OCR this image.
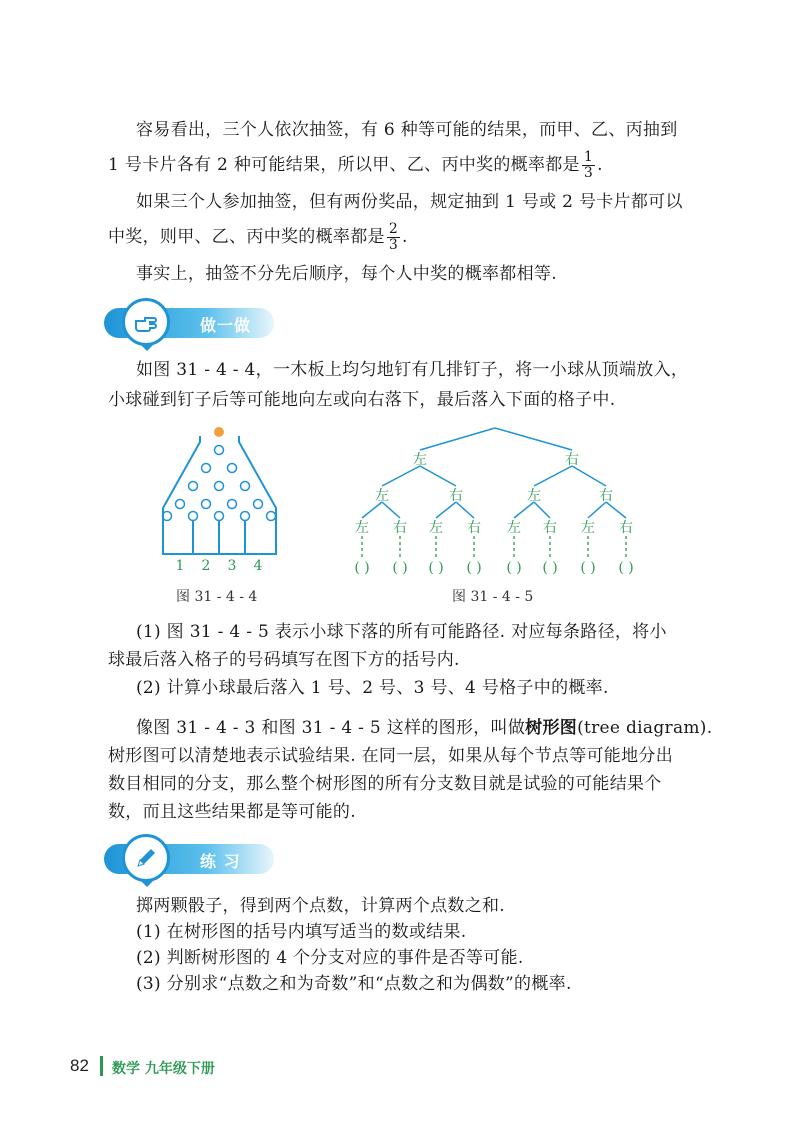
容易看出，三个人依次抽签，有 6 种等可能的结果，而甲、乙、丙抽到
1 号卡片各有 2 种可能结果，所以甲、乙、丙中奖的概率都是 $\frac{1}{3}$ .
如果三个人参加抽签，但有两份奖品，规定抽到 1 号或 2 号卡片都可以
中奖，则甲、乙、丙中奖的概率都是 $\frac{2}{3}$ .
事实上，抽签不分先后顺序，每个人中奖的概率都相等.
做一做
如图 31 - 4 - 4，一木板上均匀地钉有几排钉子，将一小球从顶端放入，
小球碰到钉子后等可能地向左或向右落下，最后落入下面的格子中.
1 2 3 4
图 31 - 4 - 4
左	右
左	右	左	右
左 右 左 右 左 右 左 右
( ) ( ) ( ) ( ) ( ) ( ) ( ) ( )
图 31 - 4 - 5
(1) 图 31 - 4 - 5 表示小球下落的所有可能路径. 对应每条路径，将小
球最后落入格子的号码填写在图下方的括号内.
(2) 计算小球最后落入 1 号、2 号、3 号、4 号格子中的概率.
像图 31 - 4 - 3 和图 31 - 4 - 5 这样的图形，叫做树形图(tree diagram).
树形图可以清楚地表示试验结果. 在同一层，如果从每个节点等可能地分出
数目相同的分支，那么整个树形图的所有分支数目就是试验的可能结果个
数，而且这些结果都是等可能的.
练 习
掷两颗骰子，得到两个点数，计算两个点数之和.
(1) 在树形图的括号内填写适当的数或结果.
(2) 判断树形图的 4 个分支对应的事件是否等可能.
(3) 分别求“点数之和为奇数”和“点数之和为偶数”的概率.
82 数学 九年级下册
